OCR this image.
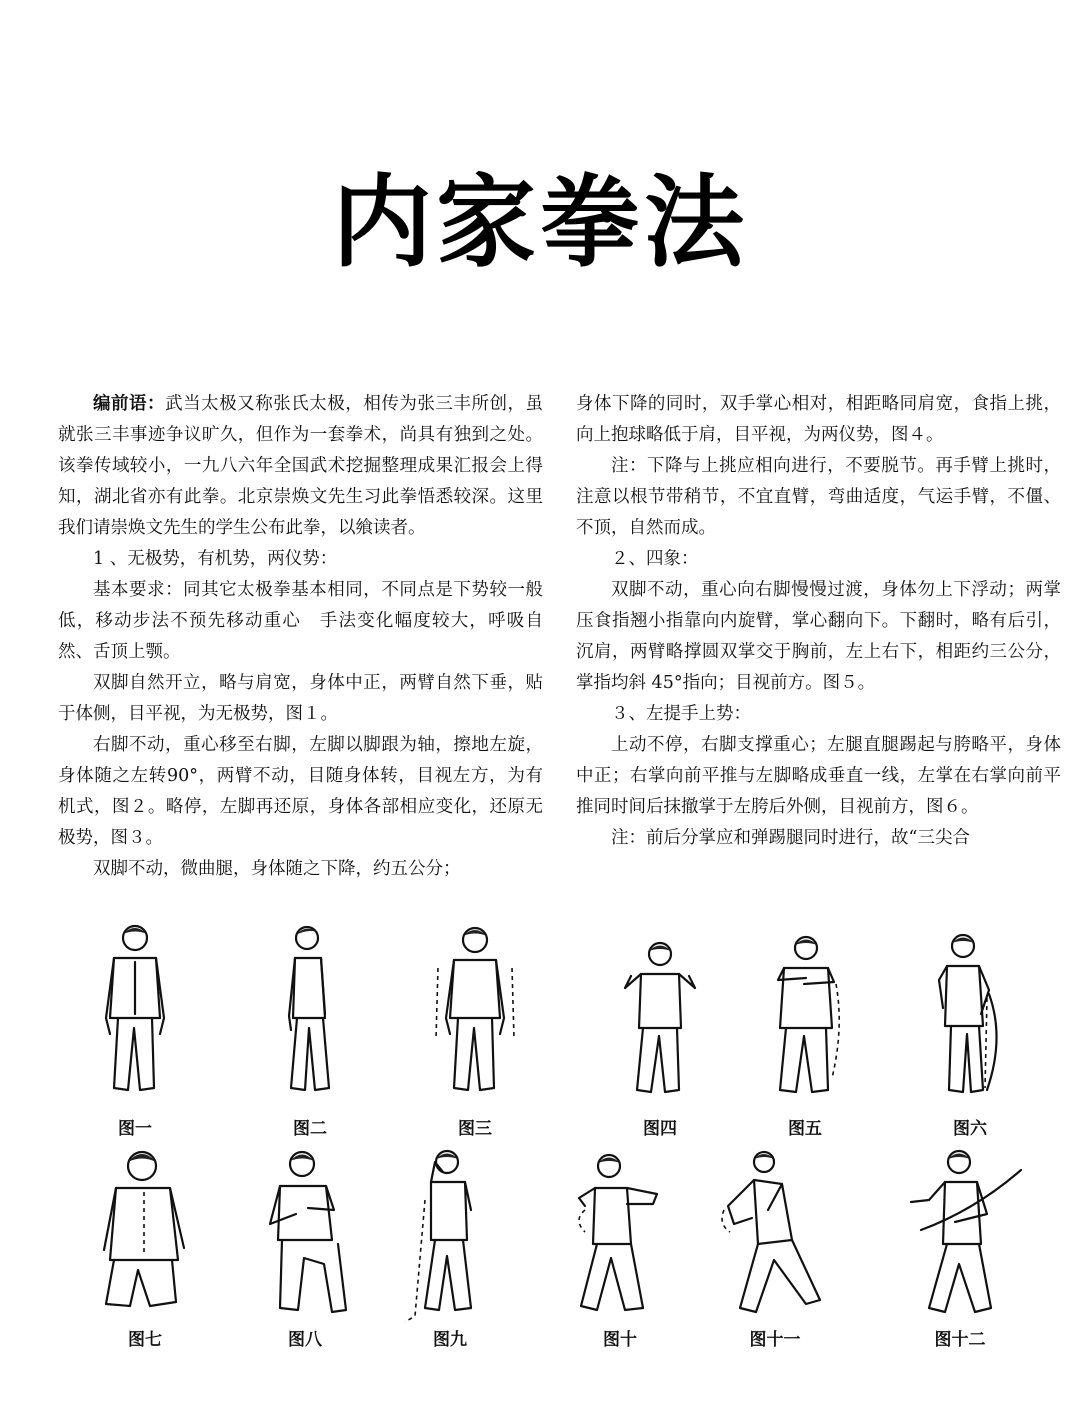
内家拳法

编前语：武当太极又称张氏太极，相传为张三丰所创，虽就张三丰事迹争议旷久，但作为一套拳术，尚具有独到之处。该拳传域较小，一九八六年全国武术挖掘整理成果汇报会上得知，湖北省亦有此拳。北京崇焕文先生习此拳悟悉较深。这里我们请崇焕文先生的学生公布此拳，以飨读者。

1 、无极势，有机势，两仪势：

基本要求：同其它太极拳基本相同，不同点是下势较一般低，移动步法不预先移动重心　手法变化幅度较大，呼吸自然、舌顶上颚。

双脚自然开立，略与肩宽，身体中正，两臂自然下垂，贴于体侧，目平视，为无极势，图１。

右脚不动，重心移至右脚，左脚以脚跟为轴，擦地左旋，身体随之左转90°，两臂不动，目随身体转，目视左方，为有机式，图２。略停，左脚再还原，身体各部相应变化，还原无极势，图３。

双脚不动，微曲腿，身体随之下降，约五公分；

身体下降的同时，双手掌心相对，相距略同肩宽，食指上挑，向上抱球略低于肩，目平视，为两仪势，图４。

注：下降与上挑应相向进行，不要脱节。再手臂上挑时，注意以根节带稍节，不宜直臂，弯曲适度，气运手臂，不僵、不顶，自然而成。

２、四象：

双脚不动，重心向右脚慢慢过渡，身体勿上下浮动；两掌压食指翘小指靠向内旋臂，掌心翻向下。下翻时，略有后引，沉肩，两臂略撑圆双掌交于胸前，左上右下，相距约三公分，掌指均斜 45°指向；目视前方。图５。

３、左提手上势：

上动不停，右脚支撑重心；左腿直腿踢起与胯略平，身体中正；右掌向前平推与左脚略成垂直一线，左掌在右掌向前平推同时间后抹撤掌于左胯后外侧，目视前方，图６。

注：前后分掌应和弹踢腿同时进行，故“三尖合

图一	图二	图三	图四	图五	图六
图七	图八	图九	图十	图十一	图十二
